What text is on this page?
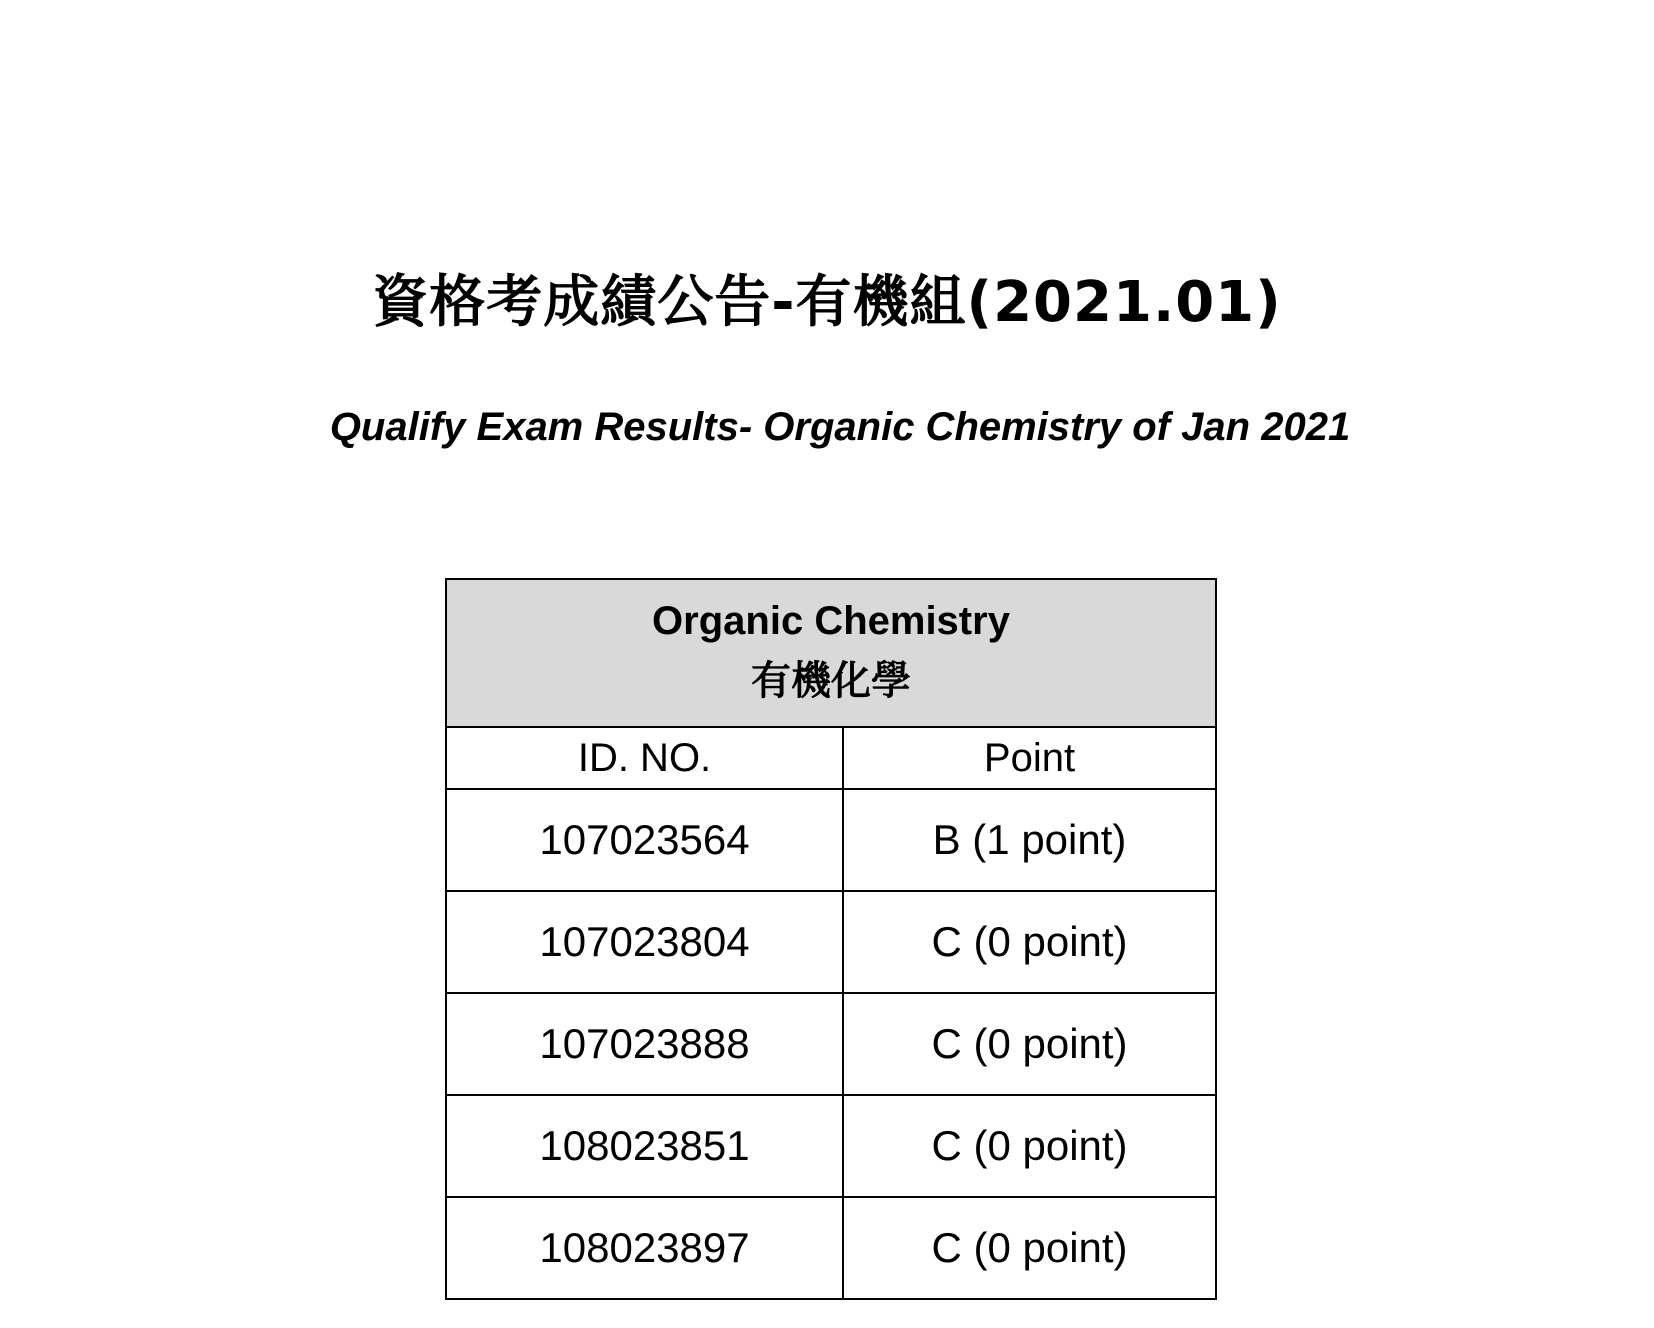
資格考成績公告-有機組(2021.01)
Qualify Exam Results- Organic Chemistry of Jan 2021
Organic Chemistry
有機化學	

ID. NO.	Point
107023564	B (1 point)
107023804	C (0 point)
107023888	C (0 point)
108023851	C (0 point)
108023897	C (0 point)
